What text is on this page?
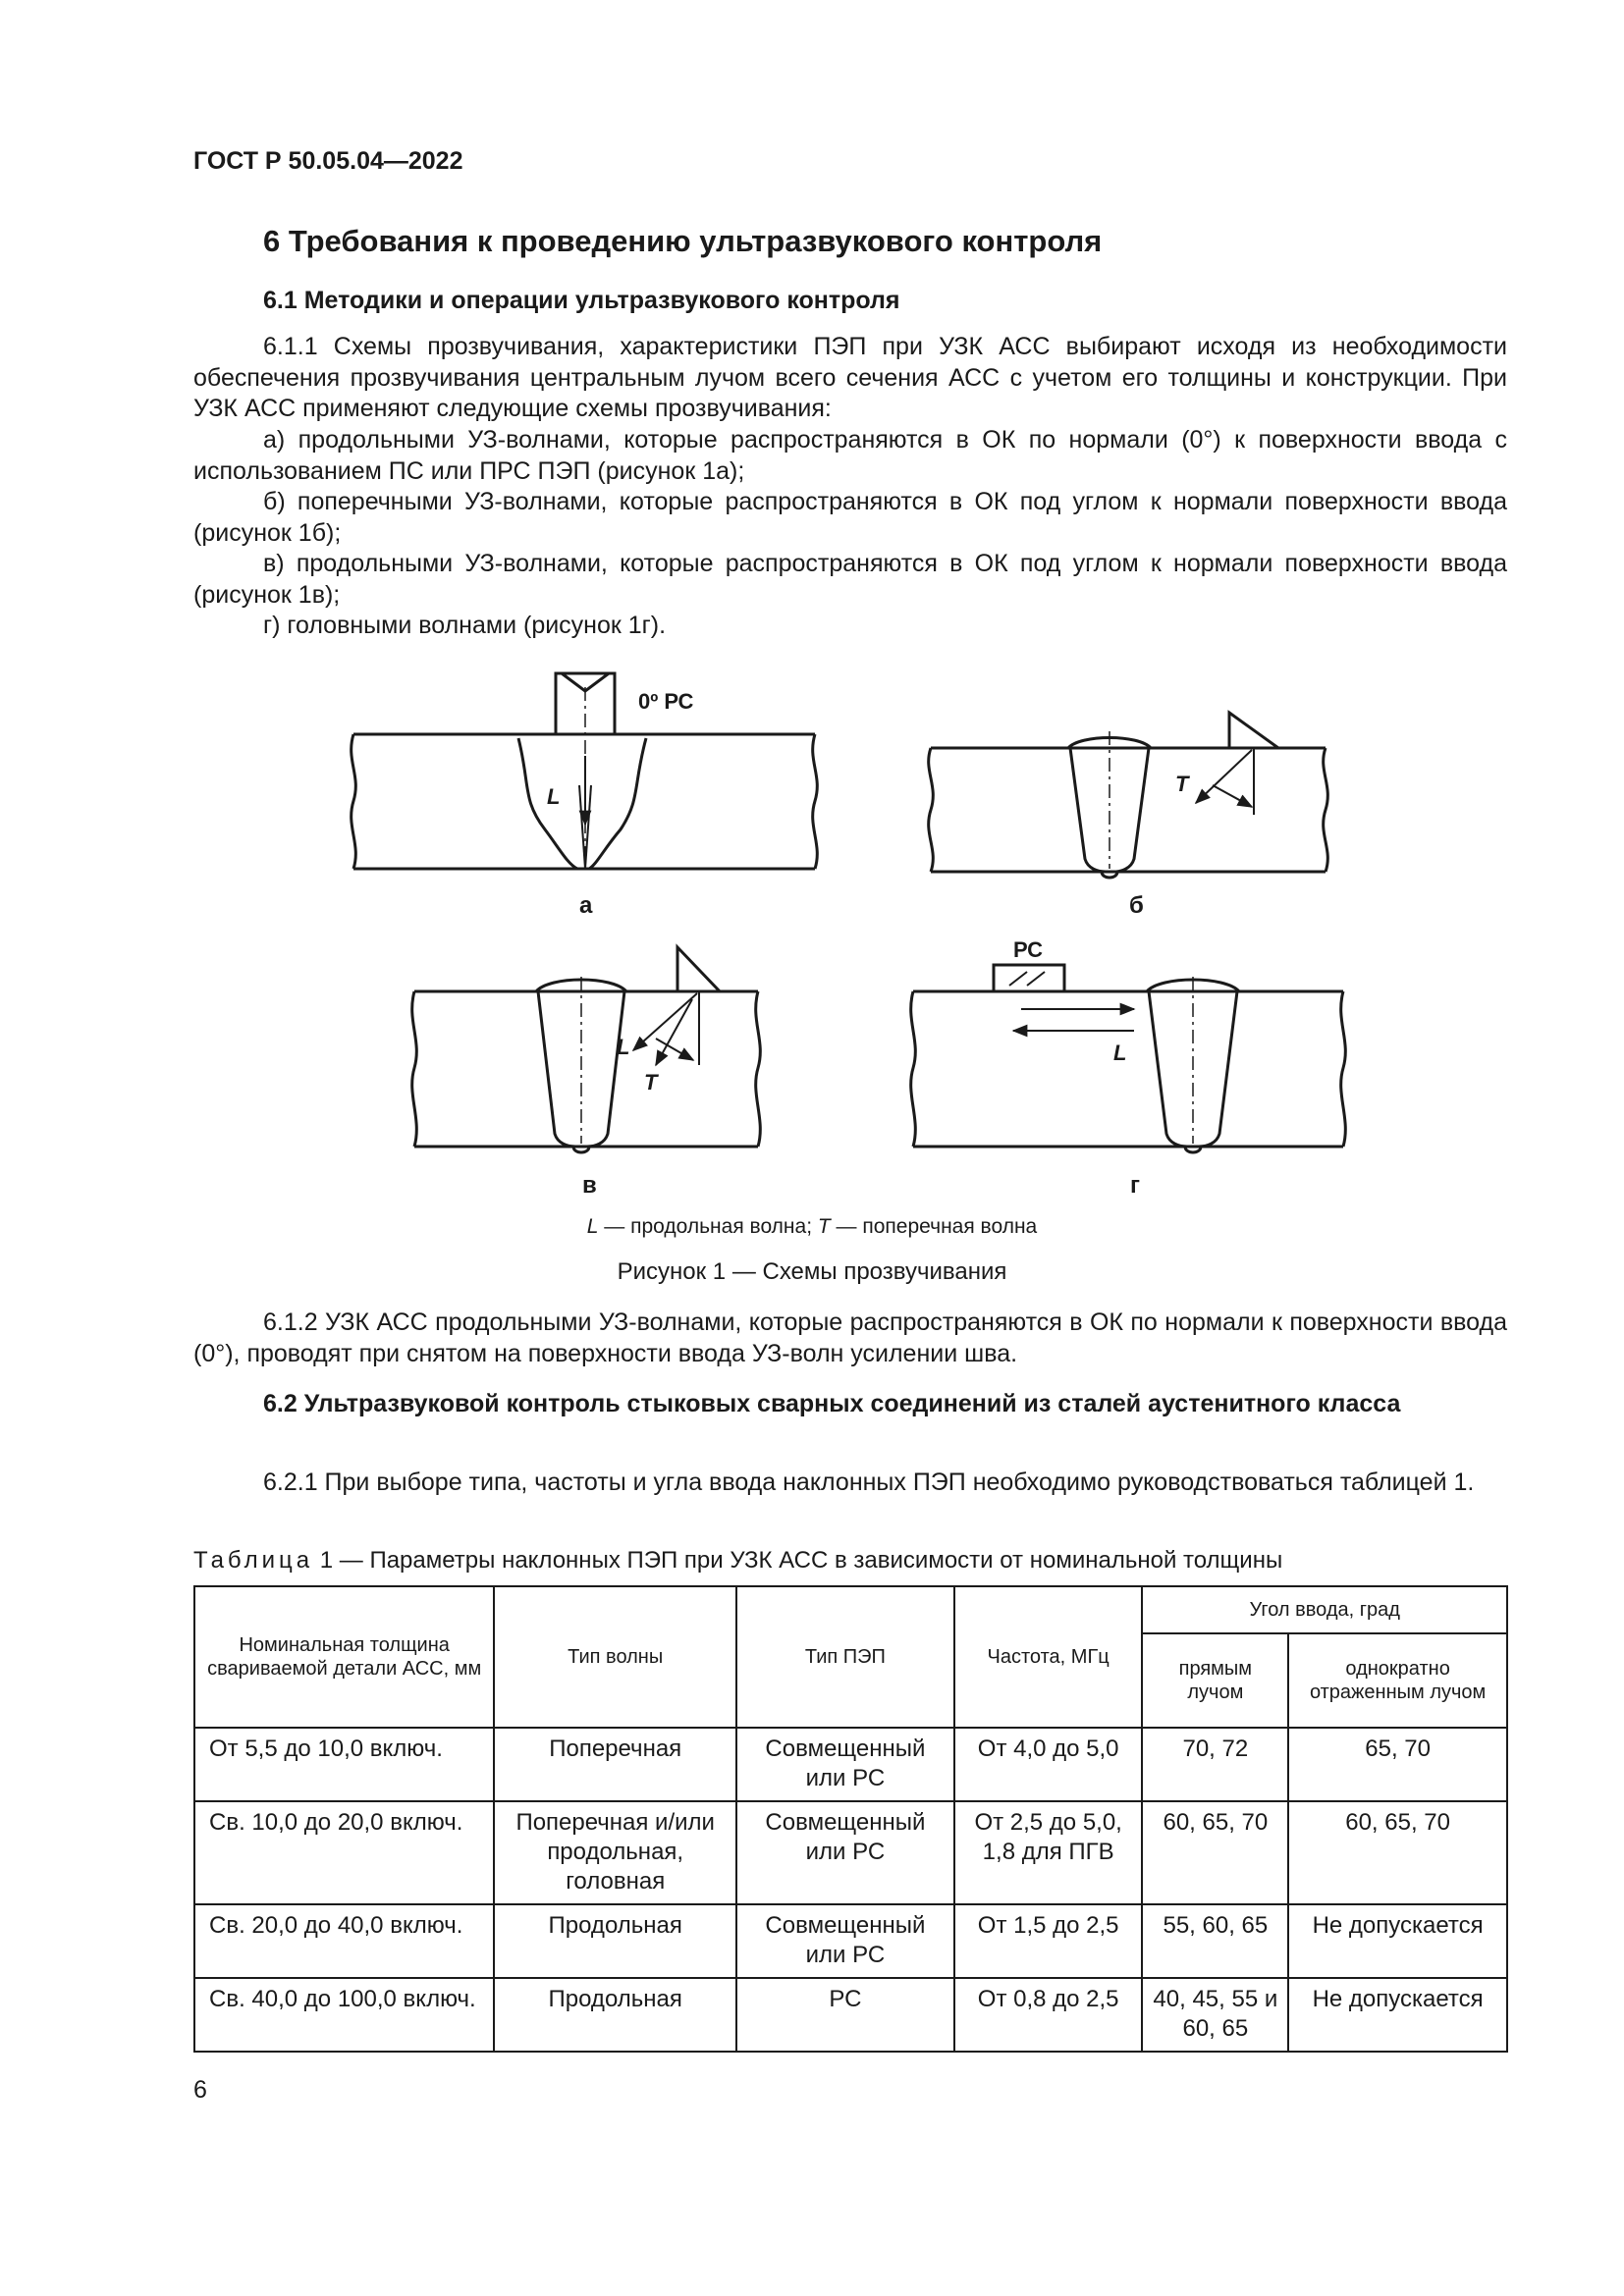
ГОСТ Р 50.05.04—2022
6 Требования к проведению ультразвукового контроля
6.1 Методики и операции ультразвукового контроля
6.1.1 Схемы прозвучивания, характеристики ПЭП при УЗК АСС выбирают исходя из необходимости обеспечения прозвучивания центральным лучом всего сечения АСС с учетом его толщины и конструкции. При УЗК АСС применяют следующие схемы прозвучивания:
а) продольными УЗ-волнами, которые распространяются в ОК по нормали (0°) к поверхности ввода с использованием ПС или ПРС ПЭП (рисунок 1а);
б) поперечными УЗ-волнами, которые распространяются в ОК под углом к нормали поверхности ввода (рисунок 1б);
в) продольными УЗ-волнами, которые распространяются в ОК под углом к нормали поверхности ввода (рисунок 1в);
г) головными волнами (рисунок 1г).
0º РС
L
T
L
T
РС
L
а	б
в	г
L — продольная волна; T — поперечная волна
Рисунок 1 — Схемы прозвучивания
6.1.2 УЗК АСС продольными УЗ-волнами, которые распространяются в ОК по нормали к поверхности ввода (0°), проводят при снятом на поверхности ввода УЗ-волн усилении шва.
6.2 Ультразвуковой контроль стыковых сварных соединений из сталей аустенитного класса
6.2.1 При выборе типа, частоты и угла ввода наклонных ПЭП необходимо руководствоваться таблицей 1.
Таблица 1 — Параметры наклонных ПЭП при УЗК АСС в зависимости от номинальной толщины
Номинальная толщина свариваемой детали АСС, мм	Тип волны	Тип ПЭП	Частота, МГц	Угол ввода, град	
				прямым лучом	однократно отраженным лучом
От 5,5 до 10,0 включ.	Поперечная	Совмещенный или РС	От 4,0 до 5,0	70, 72	65, 70
Св. 10,0 до 20,0 включ.	Поперечная и/или продольная, головная	Совмещенный или РС	От 2,5 до 5,0, 1,8 для ПГВ	60, 65, 70	60, 65, 70
Св. 20,0 до 40,0 включ.	Продольная	Совмещенный или РС	От 1,5 до 2,5	55, 60, 65	Не допускается
Св. 40,0 до 100,0 включ.	Продольная	РС	От 0,8 до 2,5	40, 45, 55 и 60, 65	Не допускается
6
